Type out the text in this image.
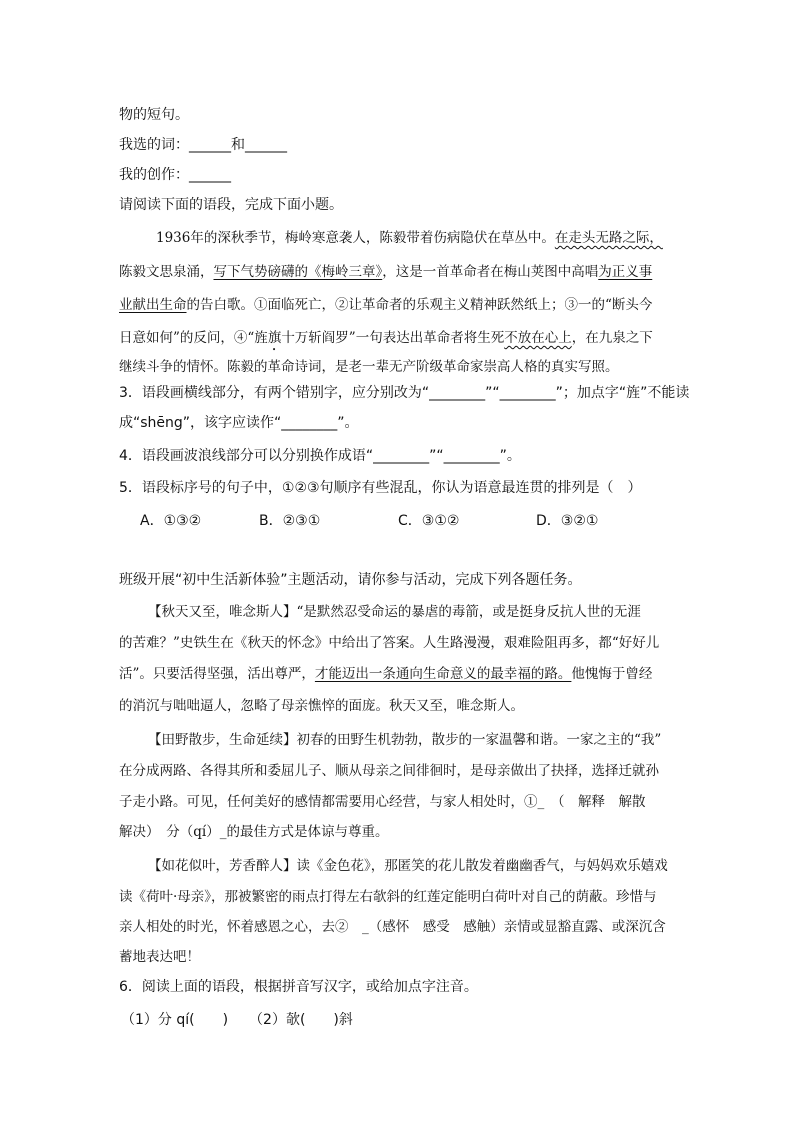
物的短句。
我选的词：______和______
我的创作：______
请阅读下面的语段，完成下面小题。
1936年的深秋季节，梅岭寒意袭人，陈毅带着伤病隐伏在草丛中。在走头无路之际，
陈毅文思泉涌，写下气势磅礴的《梅岭三章》，这是一首革命者在梅山荚图中高唱为正义事
业献出生命的告白歌。①面临死亡，②让革命者的乐观主义精神跃然纸上；③一的“断头今
日意如何”的反问，④“旌旗十万斩阎罗”一句表达出革命者将生死不放在心上，在九泉之下
继续斗争的情怀。陈毅的革命诗词，是老一辈无产阶级革命家崇高人格的真实写照。
3．语段画横线部分，有两个错别字，应分别改为“________”“________”；加点字“旌”不能读
成“shēng”，该字应读作“________”。
4．语段画波浪线部分可以分别换作成语“________”“________”。
5．语段标序号的句子中，①②③句顺序有些混乱，你认为语意最连贯的排列是（　）
A．①③②	B．②③①	C．③①②	D．③②①
班级开展“初中生活新体验”主题活动，请你参与活动，完成下列各题任务。
【秋天又至，唯念斯人】“是默然忍受命运的暴虐的毒箭，或是挺身反抗人世的无涯
的苦难？”史铁生在《秋天的怀念》中给出了答案。人生路漫漫，艰难险阻再多，都“好好儿
活”。只要活得坚强，活出尊严，才能迈出一条通向生命意义的最幸福的路。他愧悔于曾经
的消沉与咄咄逼人，忽略了母亲憔悴的面庞。秋天又至，唯念斯人。
【田野散步，生命延续】初春的田野生机勃勃，散步的一家温馨和谐。一家之主的“我”
在分成两路、各得其所和委屈儿子、顺从母亲之间徘徊时，是母亲做出了抉择，选择迁就孙
子走小路。可见，任何美好的感情都需要用心经营，与家人相处时，①_　（　解释　解散
解决）　分（qí）_的最佳方式是体谅与尊重。
【如花似叶，芳香醉人】读《金色花》，那匿笑的花儿散发着幽幽香气，与妈妈欢乐嬉戏
读《荷叶·母亲》，那被繁密的雨点打得左右欹斜的红莲定能明白荷叶对自己的荫蔽。珍惜与
亲人相处的时光，怀着感恩之心，去②　_（感怀　感受　感触）亲情或显豁直露、或深沉含
蓄地表达吧！
6．阅读上面的语段，根据拼音写汉字，或给加点字注音。
（1）分 qí(　　)　　（2）欹(　　)斜
